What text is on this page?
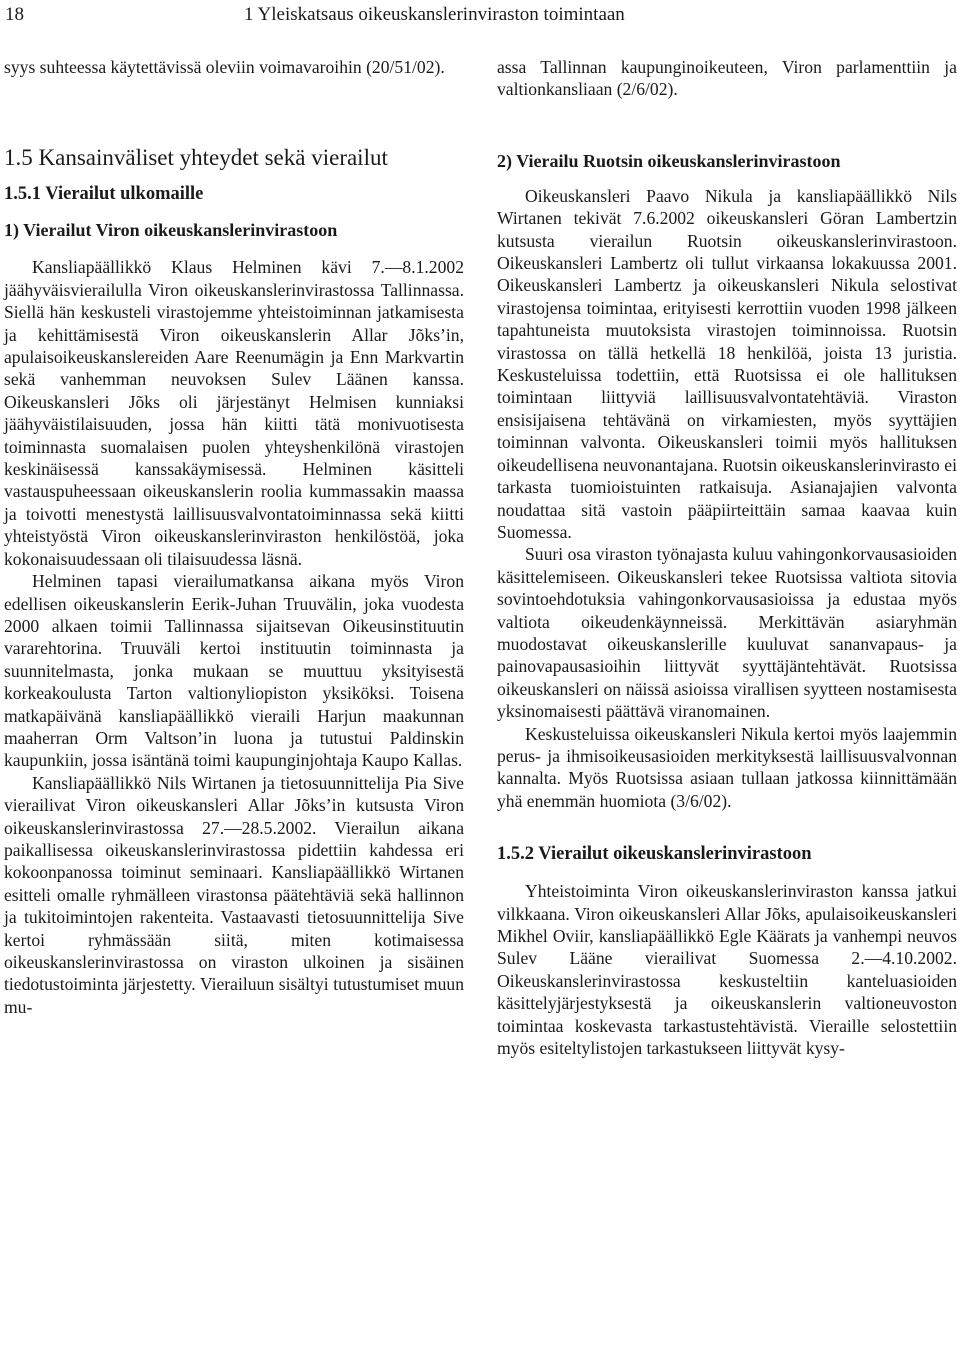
18	1 Yleiskatsaus oikeuskanslerinviraston toimintaan

syys suhteessa käytettävissä oleviin voimavaroihin (20/51/02).

1.5 Kansainväliset yhteydet sekä vierailut
1.5.1 Vierailut ulkomaille
1) Vierailut Viron oikeuskanslerinvirastoon

Kansliapäällikkö Klaus Helminen kävi 7.—8.1.2002 jäähyväisvierailulla Viron oikeuskanslerinvirastossa Tallinnassa. Siellä hän keskusteli virastojemme yhteistoiminnan jatkamisesta ja kehittämisestä Viron oikeuskanslerin Allar Jõks’in, apulaisoikeuskanslereiden Aare Reenumägin ja Enn Markvartin sekä vanhemman neuvoksen Sulev Läänen kanssa. Oikeuskansleri Jõks oli järjestänyt Helmisen kunniaksi jäähyväistilaisuuden, jossa hän kiitti tätä monivuotisesta toiminnasta suomalaisen puolen yhteyshenkilönä virastojen keskinäisessä kanssakäymisessä. Helminen käsitteli vastauspuheessaan oikeuskanslerin roolia kummassakin maassa ja toivotti menestystä laillisuusvalvontatoiminnassa sekä kiitti yhteistyöstä Viron oikeuskanslerinviraston henkilöstöä, joka kokonaisuudessaan oli tilaisuudessa läsnä.

Helminen tapasi vierailumatkansa aikana myös Viron edellisen oikeuskanslerin Eerik-Juhan Truuvälin, joka vuodesta 2000 alkaen toimii Tallinnassa sijaitsevan Oikeusinstituutin vararehtorina. Truuväli kertoi instituutin toiminnasta ja suunnitelmasta, jonka mukaan se muuttuu yksityisestä korkeakoulusta Tarton valtionyliopiston yksiköksi. Toisena matkapäivänä kansliapäällikkö vieraili Harjun maakunnan maaherran Orm Valtson’in luona ja tutustui Paldinskin kaupunkiin, jossa isäntänä toimi kaupunginjohtaja Kaupo Kallas.

Kansliapäällikkö Nils Wirtanen ja tietosuunnittelija Pia Sive vierailivat Viron oikeuskansleri Allar Jõks’in kutsusta Viron oikeuskanslerinvirastossa 27.—28.5.2002. Vierailun aikana paikallisessa oikeuskanslerinvirastossa pidettiin kahdessa eri kokoonpanossa toiminut seminaari. Kansliapäällikkö Wirtanen esitteli omalle ryhmälleen virastonsa päätehtäviä sekä hallinnon ja tukitoimintojen rakenteita. Vastaavasti tietosuunnittelija Sive kertoi ryhmässään siitä, miten kotimaisessa oikeuskanslerinvirastossa on viraston ulkoinen ja sisäinen tiedotustoiminta järjestetty. Vierailuun sisältyi tutustumiset muun mu-

assa Tallinnan kaupunginoikeuteen, Viron parlamenttiin ja valtionkansliaan (2/6/02).

2) Vierailu Ruotsin oikeuskanslerinvirastoon

Oikeuskansleri Paavo Nikula ja kansliapäällikkö Nils Wirtanen tekivät 7.6.2002 oikeuskansleri Göran Lambertzin kutsusta vierailun Ruotsin oikeuskanslerinvirastoon. Oikeuskansleri Lambertz oli tullut virkaansa lokakuussa 2001. Oikeuskansleri Lambertz ja oikeuskansleri Nikula selostivat virastojensa toimintaa, erityisesti kerrottiin vuoden 1998 jälkeen tapahtuneista muutoksista virastojen toiminnoissa. Ruotsin virastossa on tällä hetkellä 18 henkilöä, joista 13 juristia. Keskusteluissa todettiin, että Ruotsissa ei ole hallituksen toimintaan liittyviä laillisuusvalvontatehtäviä. Viraston ensisijaisena tehtävänä on virkamiesten, myös syyttäjien toiminnan valvonta. Oikeuskansleri toimii myös hallituksen oikeudellisena neuvonantajana. Ruotsin oikeuskanslerinvirasto ei tarkasta tuomioistuinten ratkaisuja. Asianajajien valvonta noudattaa sitä vastoin pääpiirteittäin samaa kaavaa kuin Suomessa.

Suuri osa viraston työnajasta kuluu vahingonkorvausasioiden käsittelemiseen. Oikeuskansleri tekee Ruotsissa valtiota sitovia sovintoehdotuksia vahingonkorvausasioissa ja edustaa myös valtiota oikeudenkäynneissä. Merkittävän asiaryhmän muodostavat oikeuskanslerille kuuluvat sananvapaus- ja painovapausasioihin liittyvät syyttäjäntehtävät. Ruotsissa oikeuskansleri on näissä asioissa virallisen syytteen nostamisesta yksinomaisesti päättävä viranomainen.

Keskusteluissa oikeuskansleri Nikula kertoi myös laajemmin perus- ja ihmisoikeusasioiden merkityksestä laillisuusvalvonnan kannalta. Myös Ruotsissa asiaan tullaan jatkossa kiinnittämään yhä enemmän huomiota (3/6/02).

1.5.2 Vierailut oikeuskanslerinvirastoon

Yhteistoiminta Viron oikeuskanslerinviraston kanssa jatkui vilkkaana. Viron oikeuskansleri Allar Jõks, apulaisoikeuskansleri Mikhel Oviir, kansliapäällikkö Egle Käärats ja vanhempi neuvos Sulev Lääne vierailivat Suomessa 2.—4.10.2002. Oikeuskanslerinvirastossa keskusteltiin kanteluasioiden käsittelyjärjestyksestä ja oikeuskanslerin valtioneuvoston toimintaa koskevasta tarkastustehtävistä. Vieraille selostettiin myös esiteltylistojen tarkastukseen liittyvät kysy-
